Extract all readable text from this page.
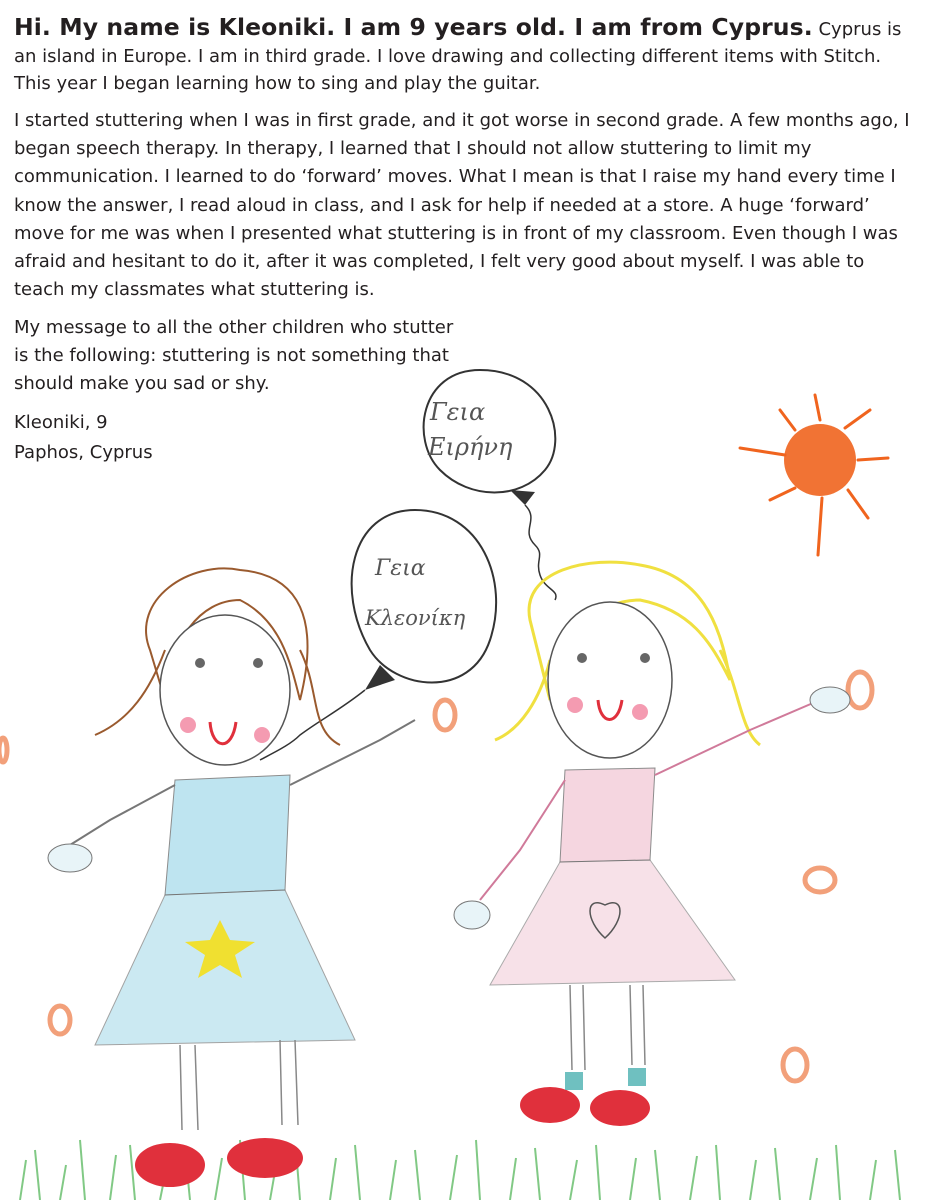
Γεια
Ειρήνη
Γεια
Κλεονίκη

Hi. My name is Kleoniki. I am 9 years old. I am from Cyprus. Cyprus is an island in Europe. I am in third grade. I love drawing and collecting different items with Stitch. This year I began learning how to sing and play the guitar.

I started stuttering when I was in first grade, and it got worse in second grade. A few months ago, I began speech therapy. In therapy, I learned that I should not allow stuttering to limit my communication. I learned to do ‘forward’ moves. What I mean is that I raise my hand every time I know the answer, I read aloud in class, and I ask for help if needed at a store. A huge ‘forward’ move for me was when I presented what stuttering is in front of my classroom. Even though I was afraid and hesitant to do it, after it was completed, I felt very good about myself. I was able to teach my classmates what stuttering is.

My message to all the other children who stutter is the following: stuttering is not something that should make you sad or shy.

Kleoniki, 9
Paphos, Cyprus
